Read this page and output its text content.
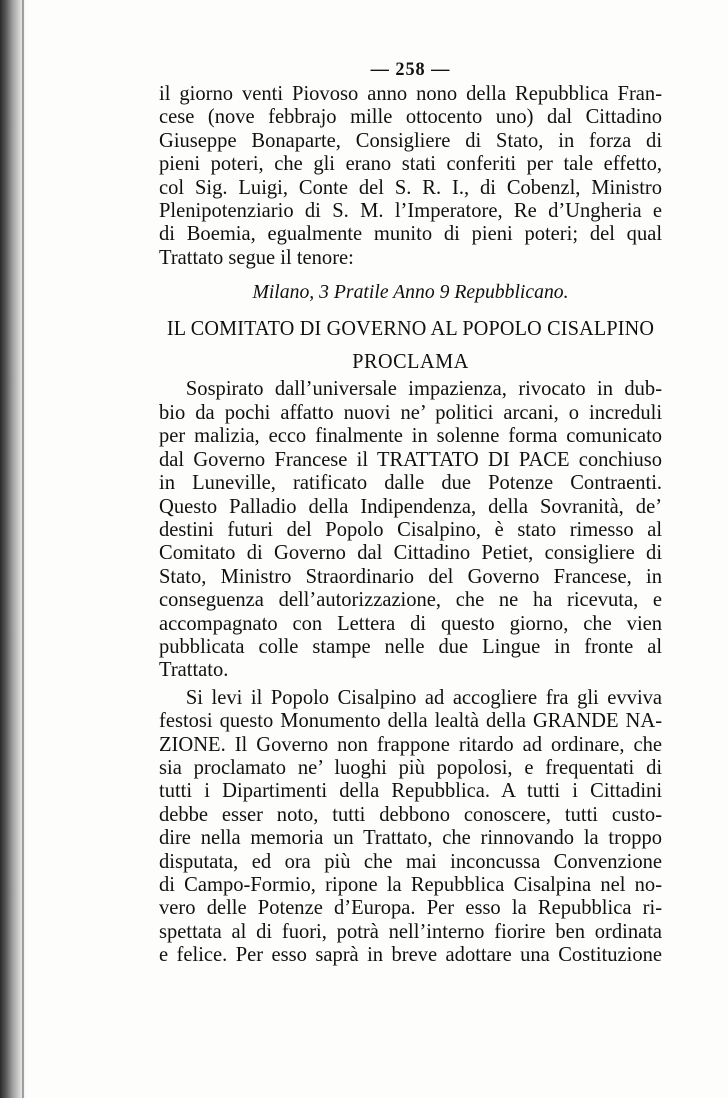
— 258 —
il giorno venti Piovoso anno nono della Repubblica Fran-
cese (nove febbrajo mille ottocento uno) dal Cittadino
Giuseppe Bonaparte, Consigliere di Stato, in forza di
pieni poteri, che gli erano stati conferiti per tale effetto,
col Sig. Luigi, Conte del S. R. I., di Cobenzl, Ministro
Plenipotenziario di S. M. l’Imperatore, Re d’Ungheria e
di Boemia, egualmente munito di pieni poteri; del qual
Trattato segue il tenore:
Milano, 3 Pratile Anno 9 Repubblicano.
IL COMITATO DI GOVERNO AL POPOLO CISALPINO
PROCLAMA
Sospirato dall’universale impazienza, rivocato in dub-
bio da pochi affatto nuovi ne’ politici arcani, o increduli
per malizia, ecco finalmente in solenne forma comunicato
dal Governo Francese il TRATTATO DI PACE conchiuso
in Luneville, ratificato dalle due Potenze Contraenti.
Questo Palladio della Indipendenza, della Sovranità, de’
destini futuri del Popolo Cisalpino, è stato rimesso al
Comitato di Governo dal Cittadino Petiet, consigliere di
Stato, Ministro Straordinario del Governo Francese, in
conseguenza dell’autorizzazione, che ne ha ricevuta, e
accompagnato con Lettera di questo giorno, che vien
pubblicata colle stampe nelle due Lingue in fronte al
Trattato.
Si levi il Popolo Cisalpino ad accogliere fra gli evviva
festosi questo Monumento della lealtà della GRANDE NA-
ZIONE. Il Governo non frappone ritardo ad ordinare, che
sia proclamato ne’ luoghi più popolosi, e frequentati di
tutti i Dipartimenti della Repubblica. A tutti i Cittadini
debbe esser noto, tutti debbono conoscere, tutti custo-
dire nella memoria un Trattato, che rinnovando la troppo
disputata, ed ora più che mai inconcussa Convenzione
di Campo-Formio, ripone la Repubblica Cisalpina nel no-
vero delle Potenze d’Europa. Per esso la Repubblica ri-
spettata al di fuori, potrà nell’interno fiorire ben ordinata
e felice. Per esso saprà in breve adottare una Costituzione
